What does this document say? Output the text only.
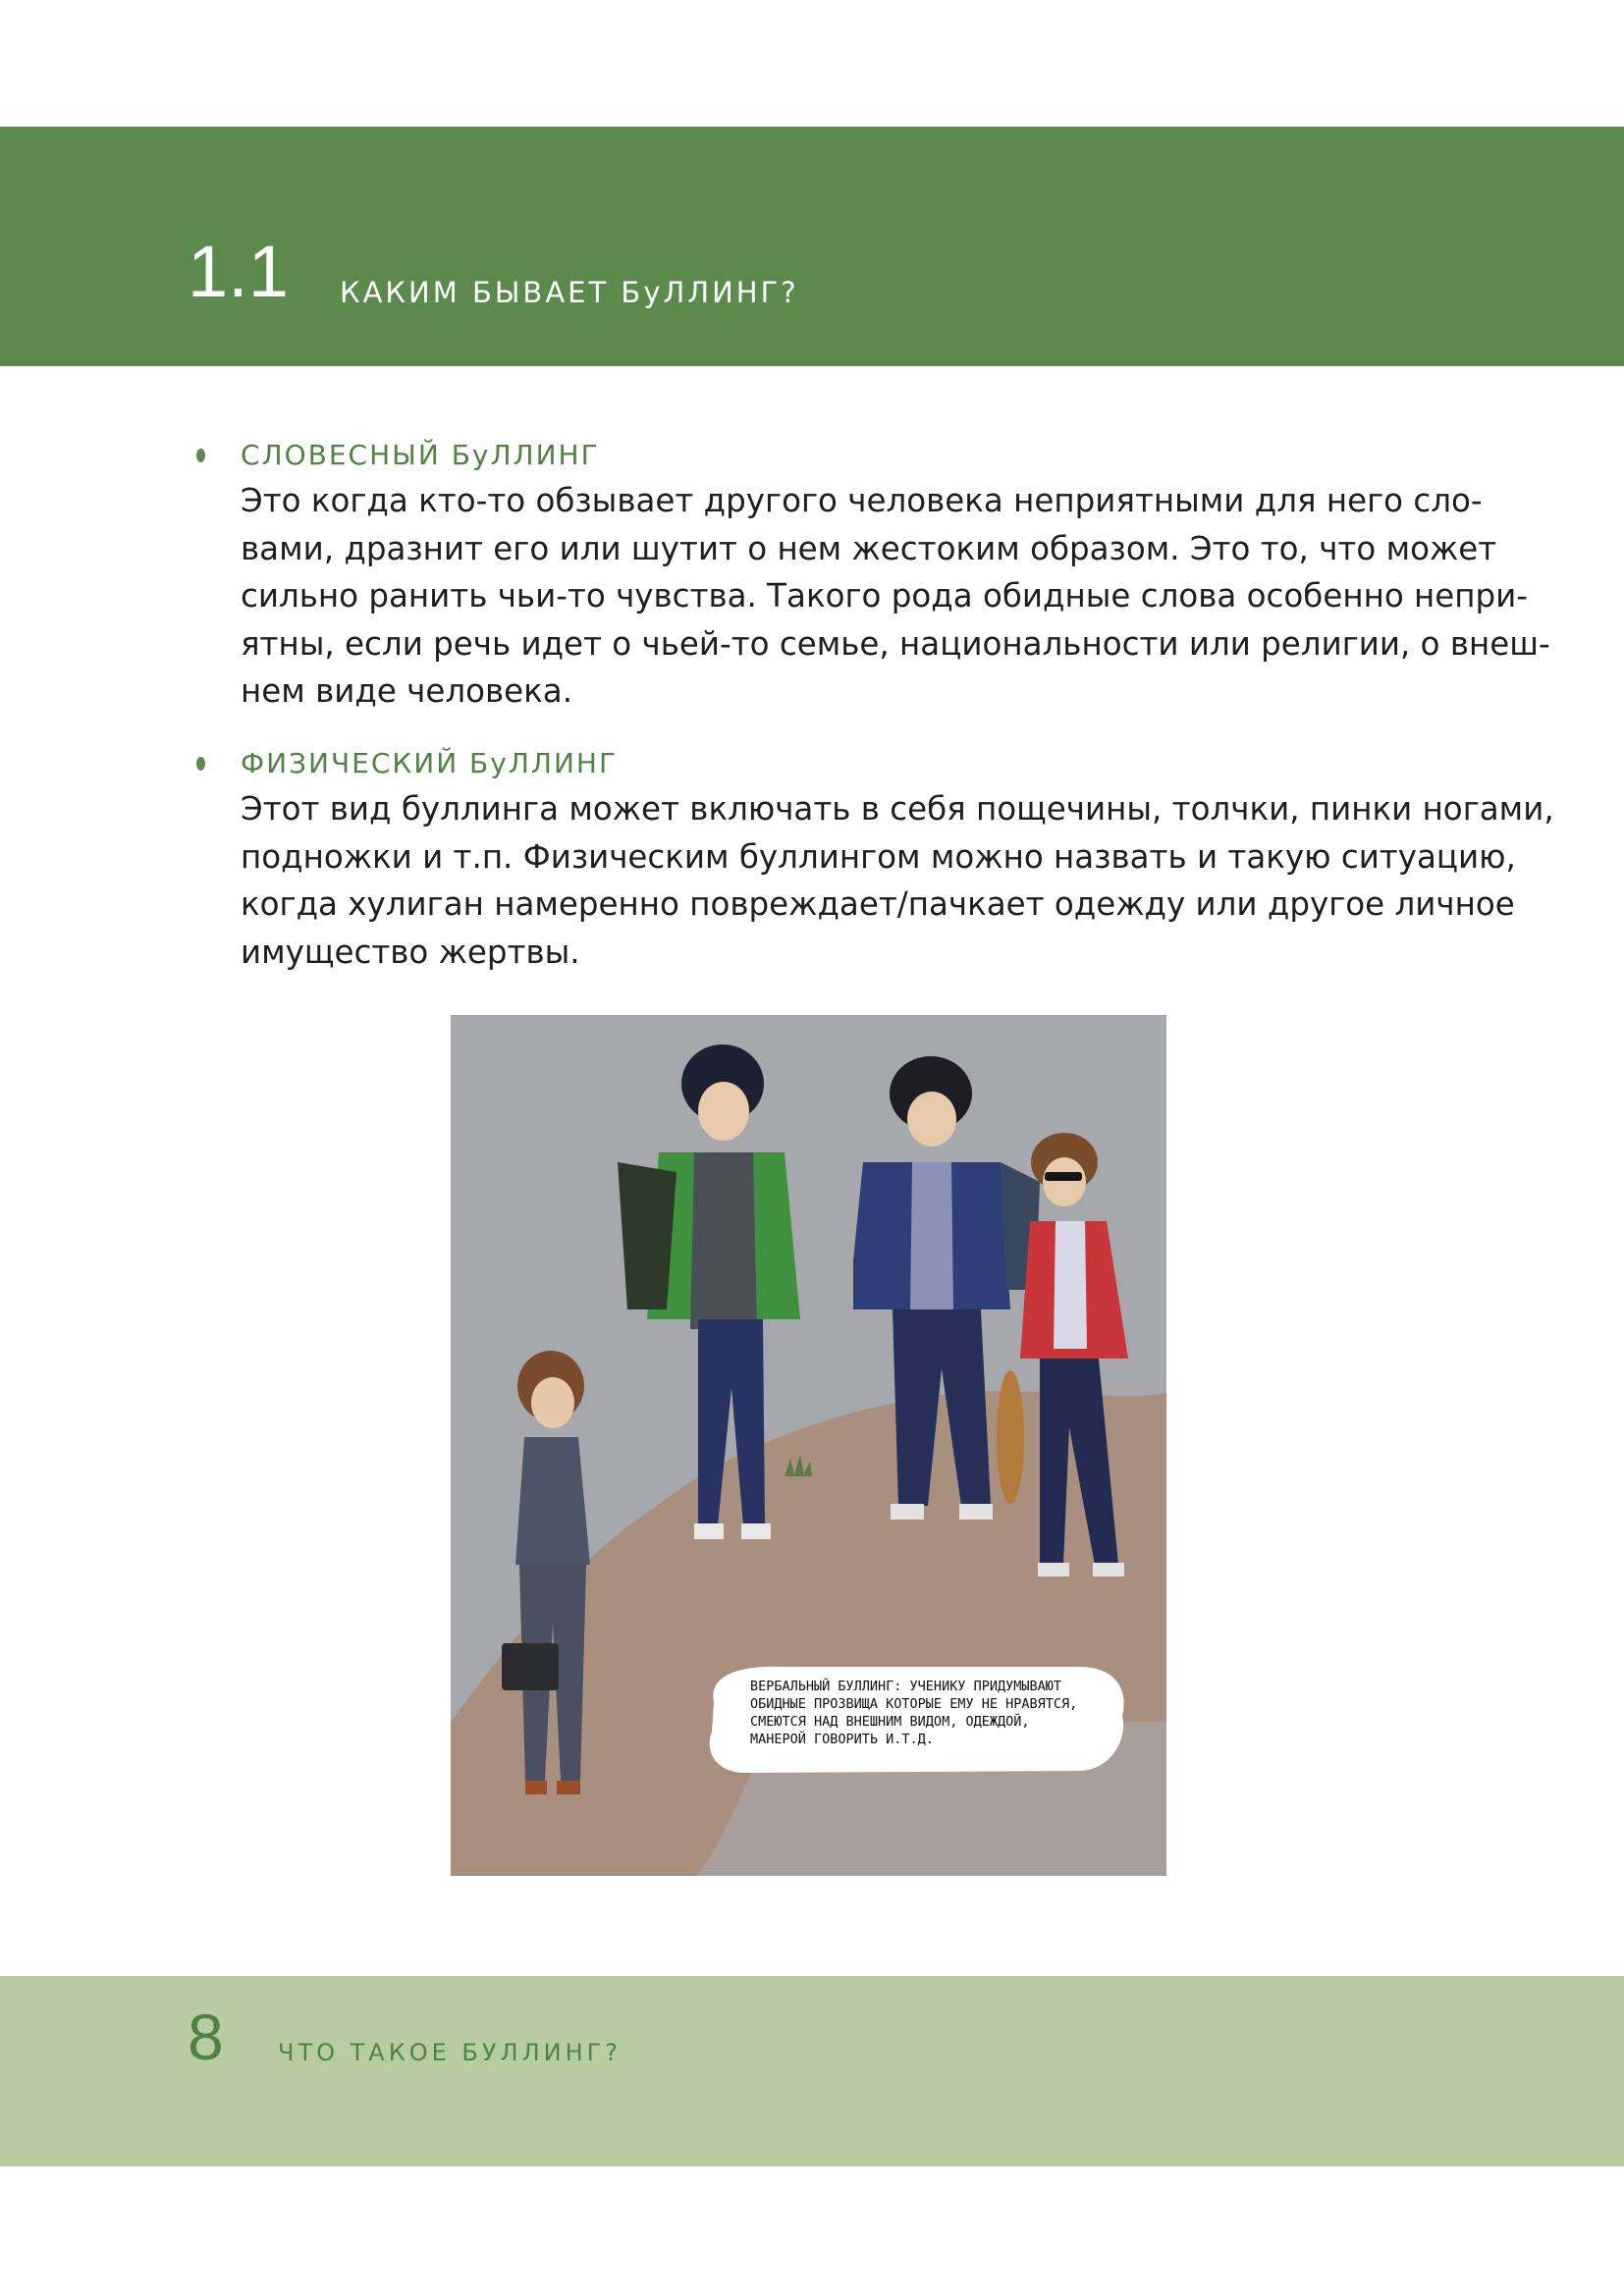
1.1 КАКИМ БЫВАЕТ БуЛЛИНГ?
СЛОВЕСНЫЙ БуЛЛИНГ

Это когда кто-то обзывает другого человека неприятными для него сло-
вами, дразнит его или шутит о нем жестоким образом. Это то, что может
сильно ранить чьи-то чувства. Такого рода обидные слова особенно непри-
ятны, если речь идет о чьей-то семье, национальности или религии, о внеш-
нем виде человека.

ФИЗИЧЕСКИЙ БуЛЛИНГ

Этот вид буллинга может включать в себя пощечины, толчки, пинки ногами,
подножки и т.п. Физическим буллингом можно назвать и такую ситуацию,
когда хулиган намеренно повреждает/пачкает одежду или другое личное
имущество жертвы.

ВЕРБАЛЬНЫЙ БУЛЛИНГ: УЧЕНИКУ ПРИДУМЫВАЮТ
ОБИДНЫЕ ПРОЗВИЩА КОТОРЫЕ ЕМУ НЕ НРАВЯТСЯ,
СМЕЮТСЯ НАД ВНЕШНИМ ВИДОМ, ОДЕЖДОЙ,
МАНЕРОЙ ГОВОРИТЬ И.Т.Д.
8 ЧТО ТАКОЕ БУЛЛИНГ?
